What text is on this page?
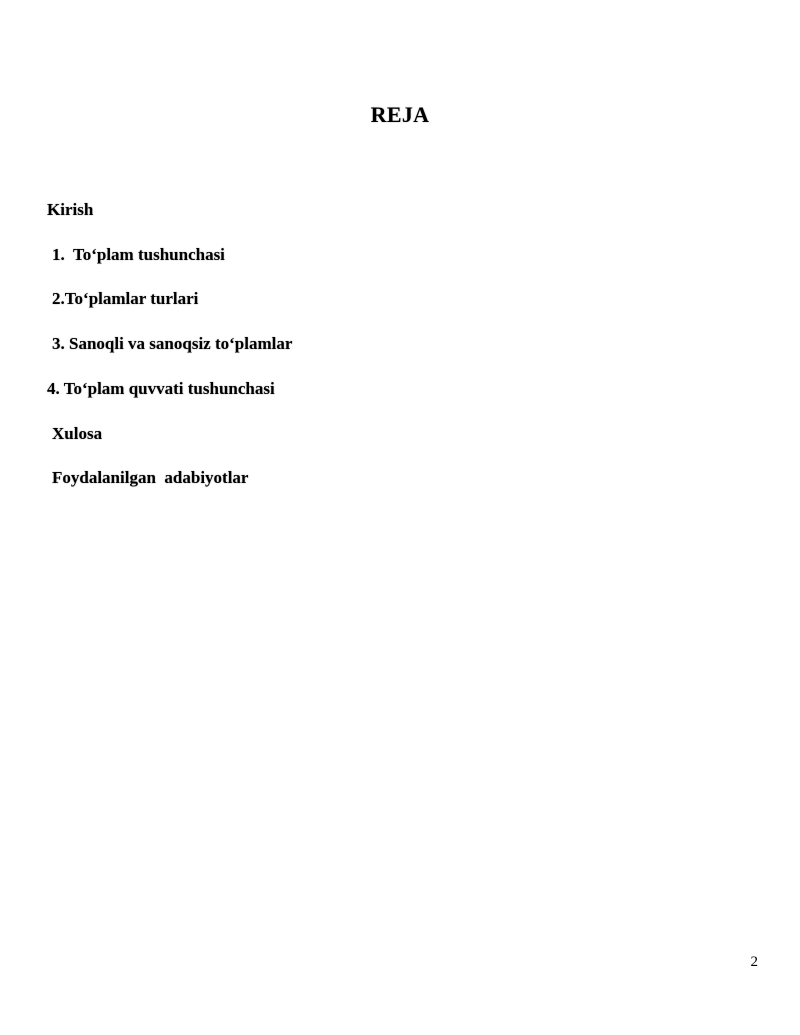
REJA
Kirish
1.  To‘plam tushunchasi
2.To‘plamlar turlari
3. Sanoqli va sanoqsiz to‘plamlar
4. To‘plam quvvati tushunchasi
Xulosa
Foydalanilgan  adabiyotlar
2
